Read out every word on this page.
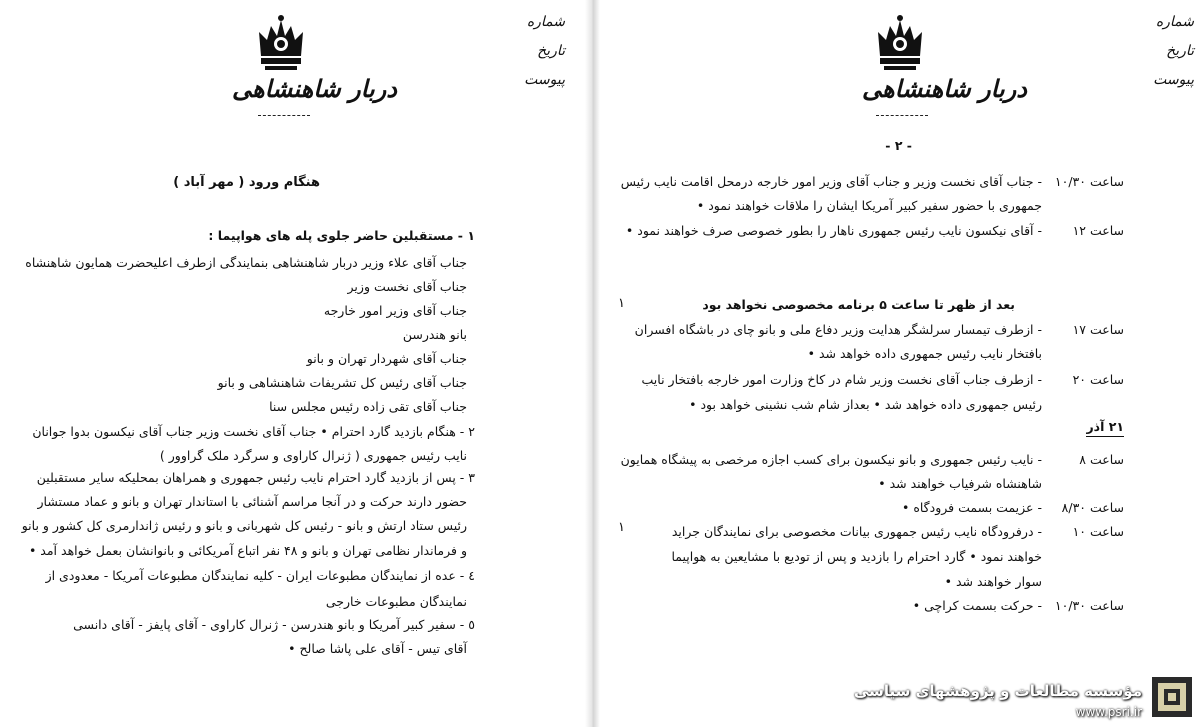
دربار شاهنشاهی
شماره
تاریخ
پیوست
هنگام ورود ( مهر آباد )
١ - مستقبلین حاضر جلوی پله های هواپیما :
جناب آقای علاء وزیر دربار شاهنشاهی بنمایندگی ازطرف اعلیحضرت همایون شاهنشاه
جناب آقای نخست وزیر
جناب آقای وزیر امور خارجه
بانو هندرسن
جناب آقای شهردار تهران و بانو
جناب آقای رئیس کل تشریفات شاهنشاهی و بانو
جناب آقای تقی زاده رئیس مجلس سنا
٢ - هنگام بازدید گارد احترام • جناب آقای نخست وزیر جناب آقای نیکسون بدوا جوانان
نایب رئیس جمهوری ( ژنرال کاراوی و سرگرد ملک گراوور )
٣ - پس از بازدید گارد احترام نایب رئیس جمهوری و همراهان بمحلیکه سایر مستقبلین
حضور دارند حرکت و در آنجا مراسم آشنائی با استاندار تهران و بانو و عماد مستشار
رئیس ستاد ارتش و بانو - رئیس کل شهربانی و بانو و رئیس ژاندارمری کل کشور و بانو
و فرماندار نظامی تهران و بانو و ۴۸ نفر اتباع آمریکائی و بانوانشان بعمل خواهد آمد •
٤ - عده از نمایندگان مطبوعات ایران - کلیه نمایندگان مطبوعات آمریکا - معدودی از
نمایندگان مطبوعات خارجی
٥ - سفیر کبیر آمریکا و بانو هندرسن - ژنرال کاراوی - آقای پایفز - آقای دانسی
آقای تیس - آقای علی پاشا صالح •
دربار شاهنشاهی
شماره
تاریخ
پیوست
- ٢ -
ساعت ۱۰/۳۰
- جناب آقای نخست وزیر و جناب آقای وزیر امور خارجه درمحل اقامت نایب رئیس
جمهوری با حضور سفیر کبیر آمریکا ایشان را ملاقات خواهند نمود •
ساعت ۱۲
- آقای نیکسون نایب رئیس جمهوری ناهار را بطور خصوصی صرف خواهند نمود •
بعد از ظهر تا ساعت ۵ برنامه مخصوصی نخواهد بود
١
ساعت ۱۷
- ازطرف تیمسار سرلشگر هدایت وزیر دفاع ملی و بانو چای در باشگاه افسران
بافتخار نایب رئیس جمهوری داده خواهد شد •
ساعت ۲۰
- ازطرف جناب آقای نخست وزیر شام در کاخ وزارت امور خارجه بافتخار نایب
رئیس جمهوری داده خواهد شد • بعداز شام شب نشینی خواهد بود •
۲۱ آذر
ساعت ۸
- نایب رئیس جمهوری و بانو نیکسون برای کسب اجازه مرخصی به پیشگاه همایون
شاهنشاه شرفیاب خواهند شد •
ساعت ۸/۳۰
- عزیمت بسمت فرودگاه •
ساعت ۱۰
- درفرودگاه نایب رئیس جمهوری بیانات مخصوصی برای نمایندگان جراید
١
خواهند نمود • گارد احترام را بازدید و پس از تودیع با مشایعین به هواپیما
سوار خواهند شد •
ساعت ۱۰/۳۰
- حرکت بسمت کراچی •
مؤسسه مطالعات و پژوهشهای سیاسی
www.psri.ir
